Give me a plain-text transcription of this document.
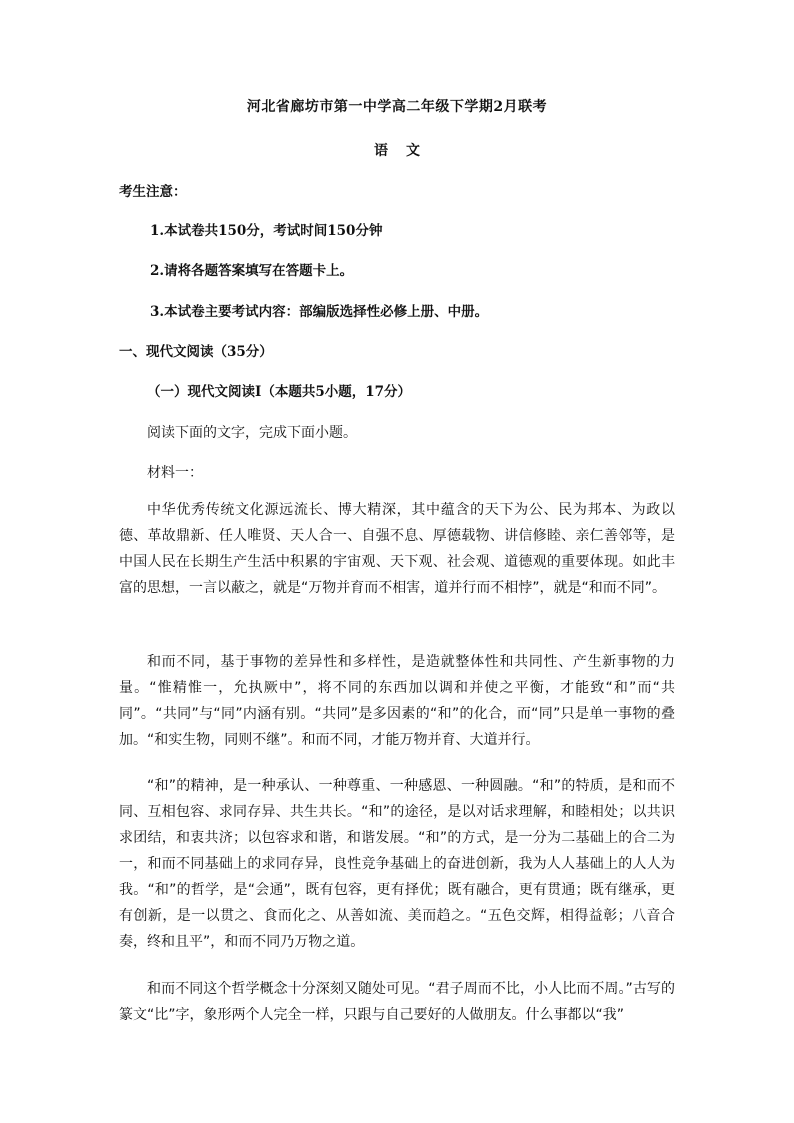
河北省廊坊市第一中学高二年级下学期2月联考
语文
考生注意：
1.本试卷共150分，考试时间150分钟
2.请将各题答案填写在答题卡上。
3.本试卷主要考试内容：部编版选择性必修上册、中册。
一、现代文阅读（35分）
（一）现代文阅读Ⅰ（本题共5小题，17分）
阅读下面的文字，完成下面小题。
材料一：

中华优秀传统文化源远流长、博大精深，其中蕴含的天下为公、民为邦本、为政以德、革故鼎新、任人唯贤、天人合一、自强不息、厚德载物、讲信修睦、亲仁善邻等，是中国人民在长期生产生活中积累的宇宙观、天下观、社会观、道德观的重要体现。如此丰富的思想，一言以蔽之，就是“万物并育而不相害，道并行而不相悖”，就是“和而不同”。

和而不同，基于事物的差异性和多样性，是造就整体性和共同性、产生新事物的力量。“惟精惟一，允执厥中”，将不同的东西加以调和并使之平衡，才能致“和”而“共同”。“共同”与“同”内涵有别。“共同”是多因素的“和”的化合，而“同”只是单一事物的叠加。“和实生物，同则不继”。和而不同，才能万物并育、大道并行。

“和”的精神，是一种承认、一种尊重、一种感恩、一种圆融。“和”的特质，是和而不同、互相包容、求同存异、共生共长。“和”的途径，是以对话求理解，和睦相处；以共识求团结，和衷共济；以包容求和谐，和谐发展。“和”的方式，是一分为二基础上的合二为一，和而不同基础上的求同存异，良性竞争基础上的奋进创新，我为人人基础上的人人为我。“和”的哲学，是“会通”，既有包容，更有择优；既有融合，更有贯通；既有继承，更有创新，是一以贯之、食而化之、从善如流、美而趋之。“五色交辉，相得益彰；八音合奏，终和且平”，和而不同乃万物之道。

和而不同这个哲学概念十分深刻又随处可见。“君子周而不比，小人比而不周。”古写的篆文“比”字，象形两个人完全一样，只跟与自己要好的人做朋友。什么事都以“我”
